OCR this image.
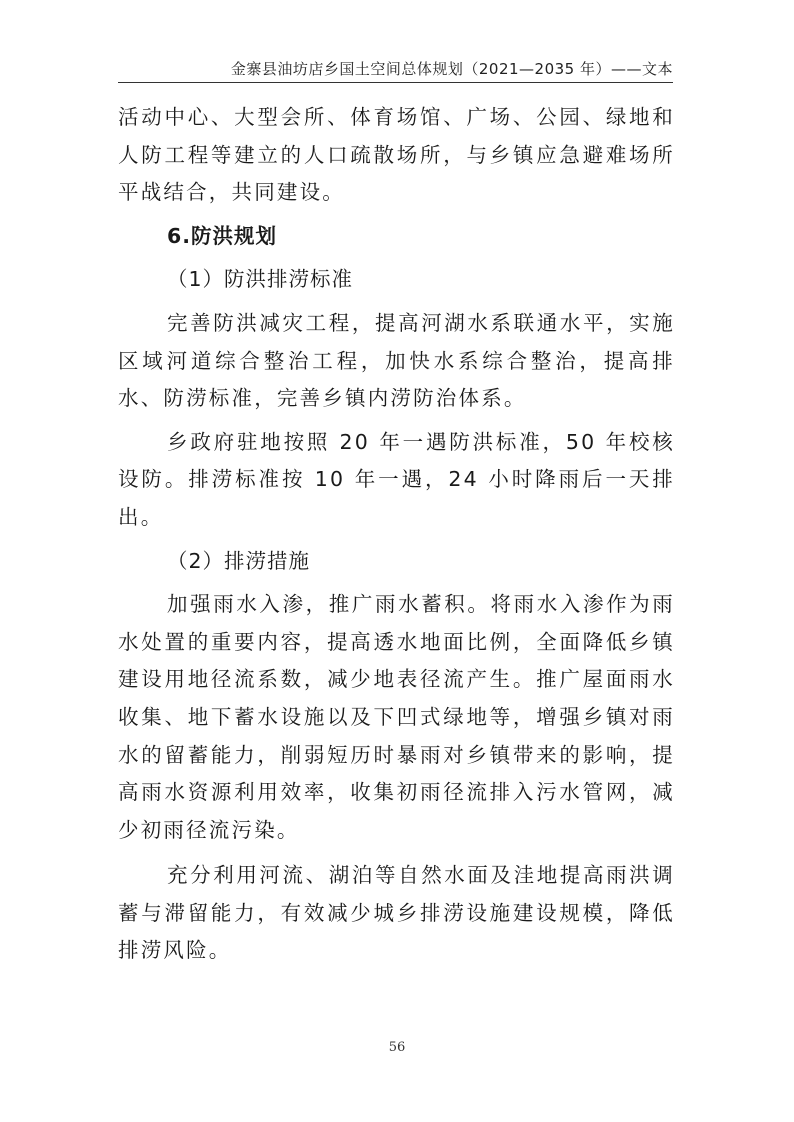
金寨县油坊店乡国土空间总体规划（2021—2035 年）——文本

活动中心、大型会所、体育场馆、广场、公园、绿地和人防工程等建立的人口疏散场所，与乡镇应急避难场所平战结合，共同建设。

6.防洪规划

（1）防洪排涝标准

完善防洪减灾工程，提高河湖水系联通水平，实施区域河道综合整治工程，加快水系综合整治，提高排水、防涝标准，完善乡镇内涝防治体系。

乡政府驻地按照 20 年一遇防洪标准，50 年校核设防。排涝标准按 10 年一遇，24 小时降雨后一天排出。

（2）排涝措施

加强雨水入渗，推广雨水蓄积。将雨水入渗作为雨水处置的重要内容，提高透水地面比例，全面降低乡镇建设用地径流系数，减少地表径流产生。推广屋面雨水收集、地下蓄水设施以及下凹式绿地等，增强乡镇对雨水的留蓄能力，削弱短历时暴雨对乡镇带来的影响，提高雨水资源利用效率，收集初雨径流排入污水管网，减少初雨径流污染。

充分利用河流、湖泊等自然水面及洼地提高雨洪调蓄与滞留能力，有效减少城乡排涝设施建设规模，降低排涝风险。

56
